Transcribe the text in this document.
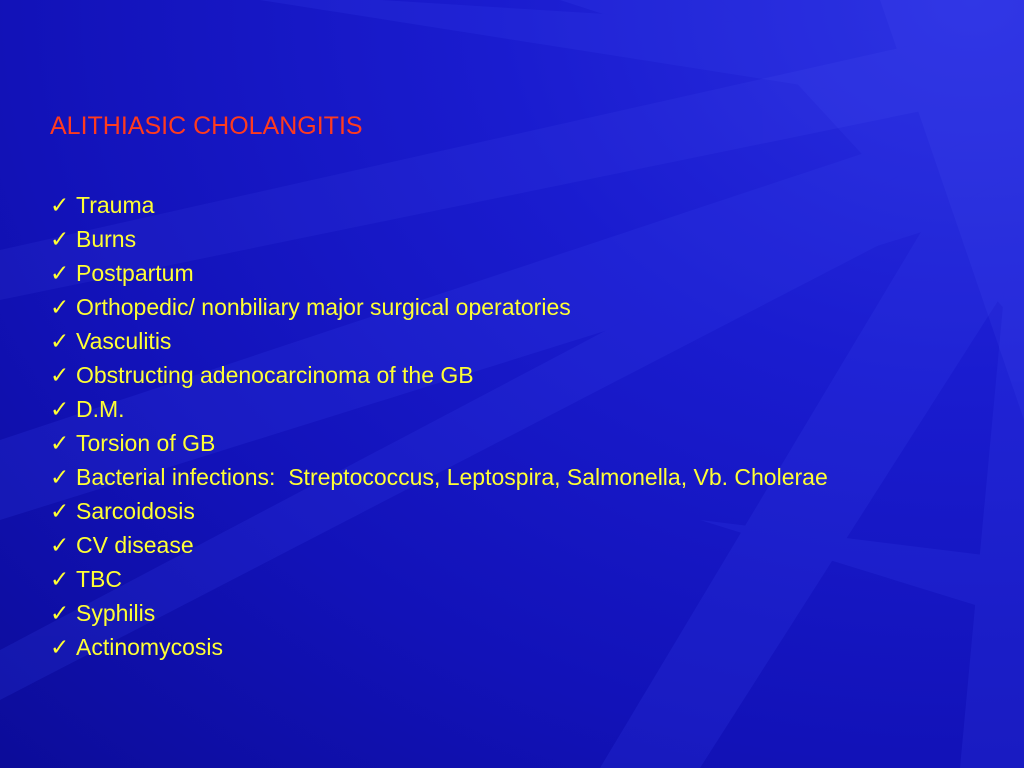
ALITHIASIC CHOLANGITIS
✓ Trauma
✓ Burns
✓ Postpartum
✓ Orthopedic/ nonbiliary major surgical operatories
✓ Vasculitis
✓ Obstructing adenocarcinoma of the GB
✓ D.M.
✓ Torsion of GB
✓ Bacterial infections:  Streptococcus, Leptospira, Salmonella, Vb. Cholerae
✓ Sarcoidosis
✓ CV disease
✓ TBC
✓ Syphilis
✓ Actinomycosis
